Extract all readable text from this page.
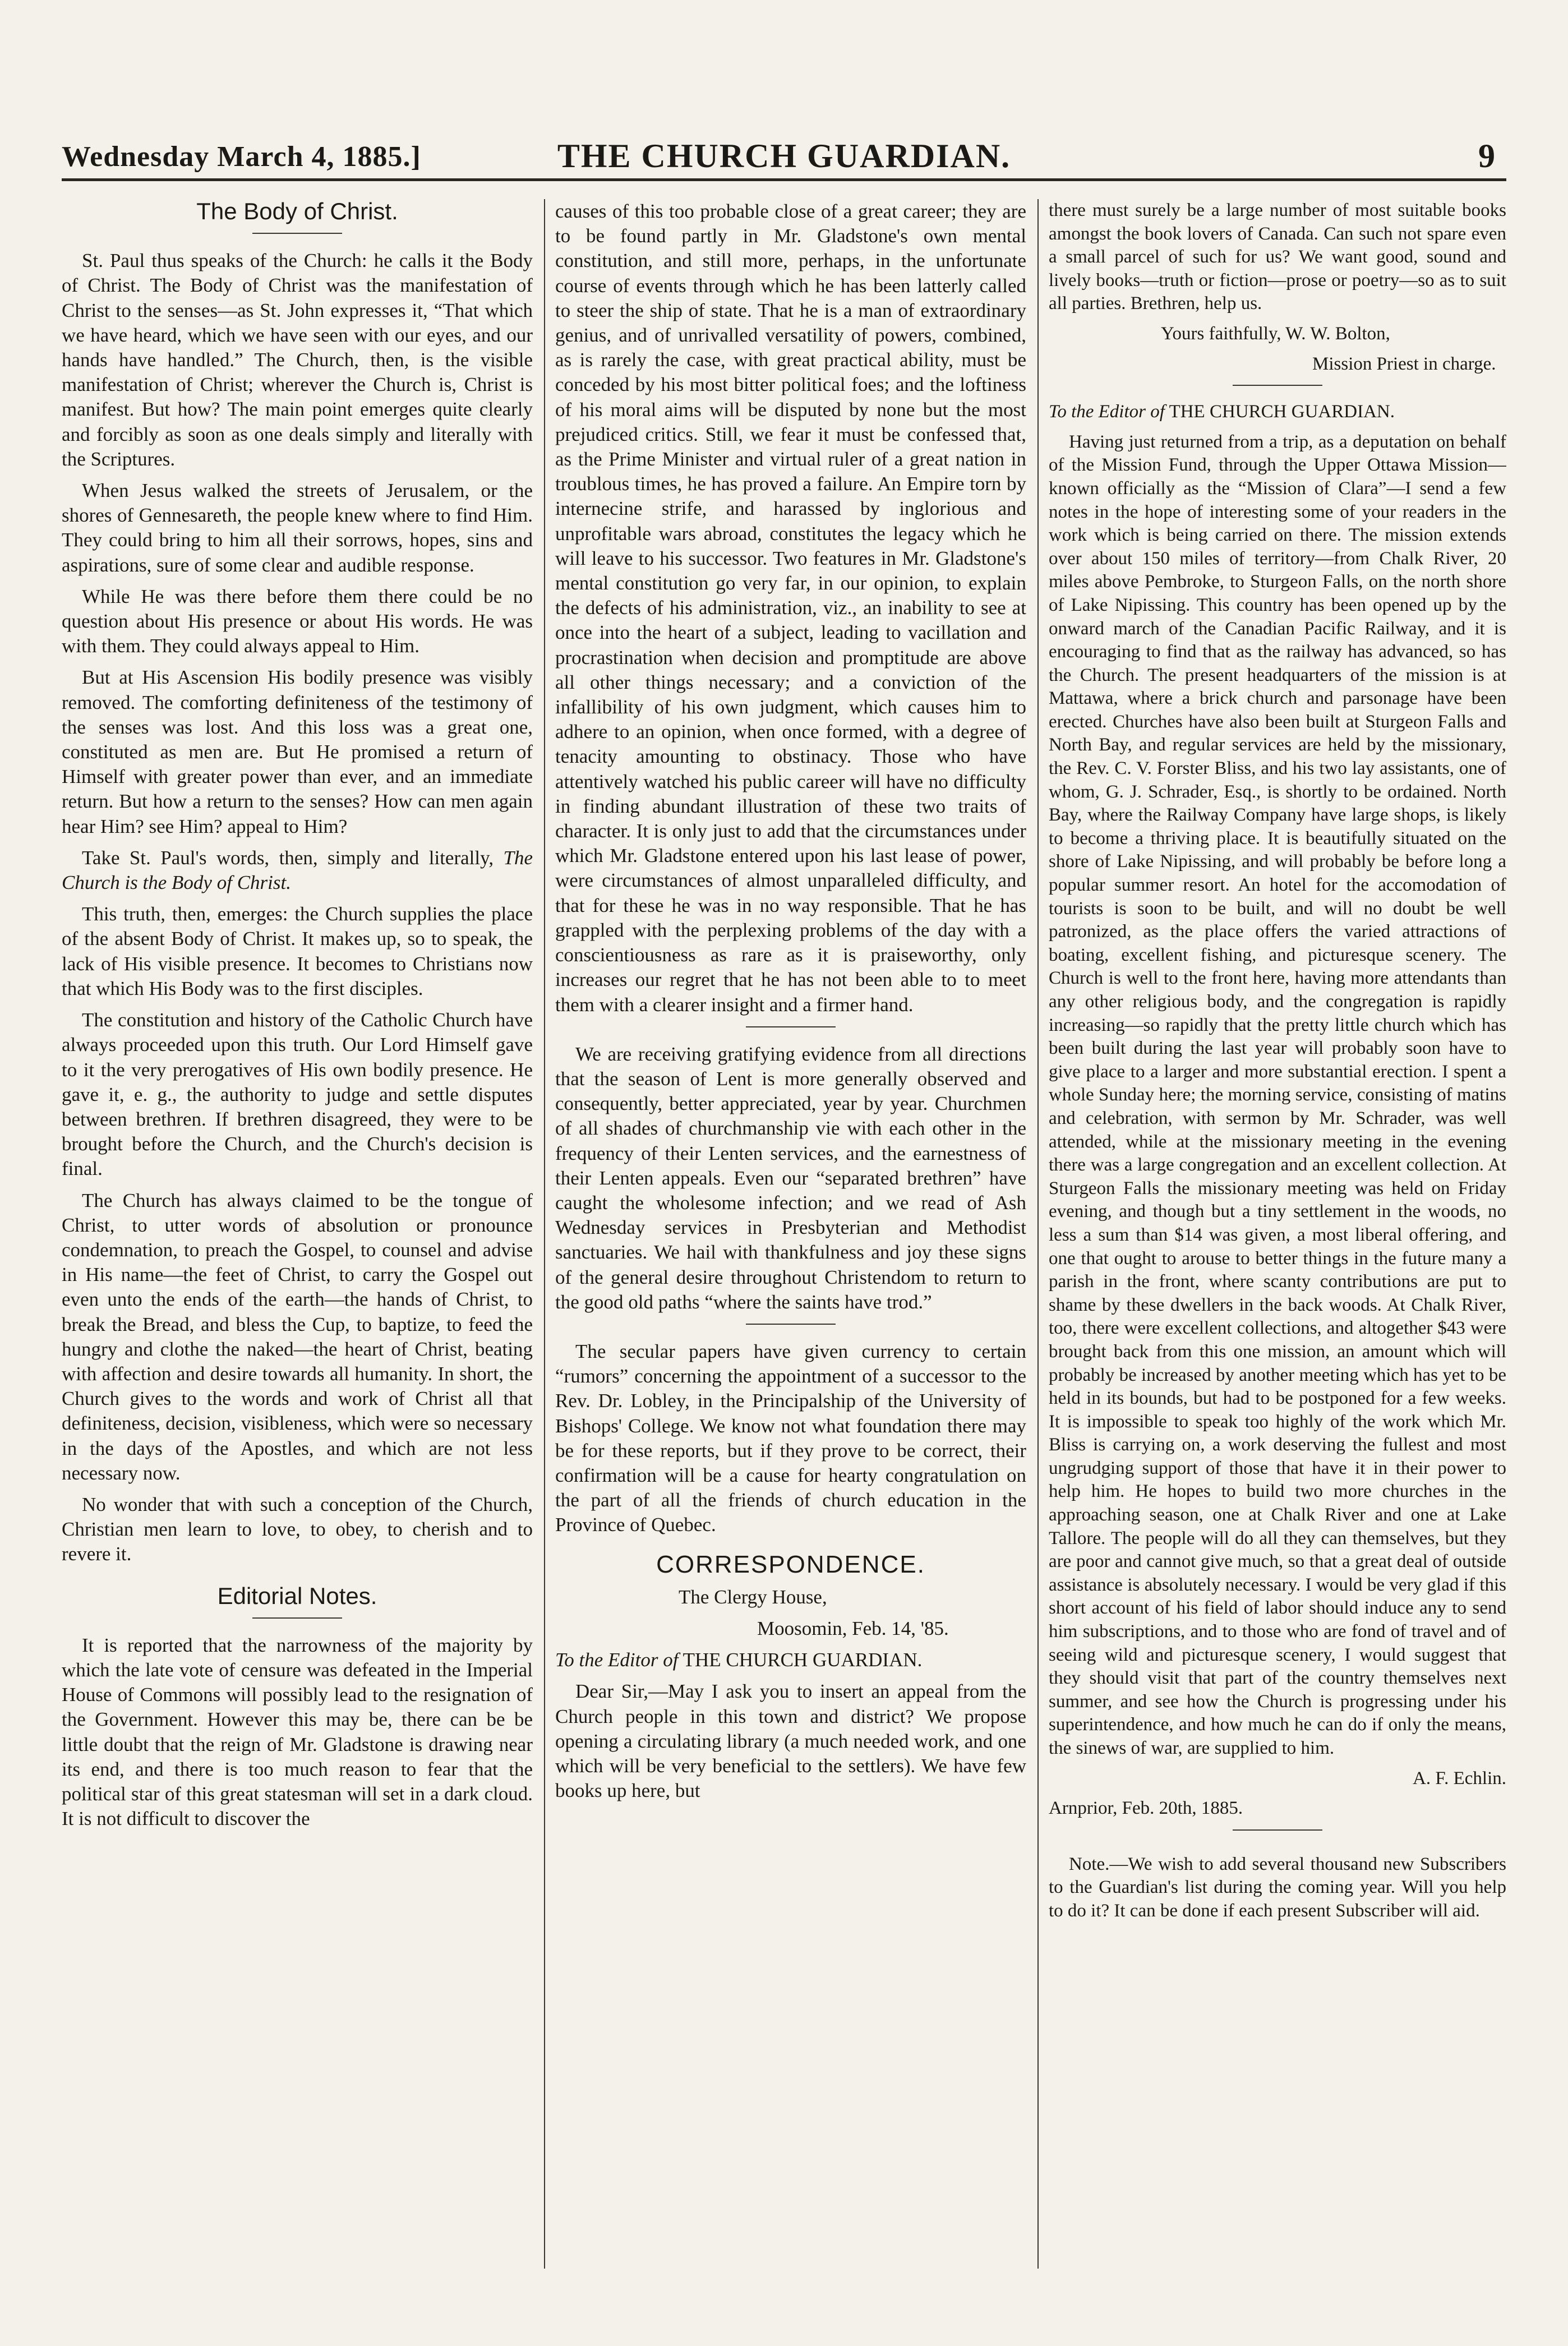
Wednesday March 4, 1885.]	THE CHURCH GUARDIAN.	9
The Body of Christ.

St. Paul thus speaks of the Church: he calls it the Body of Christ. The Body of Christ was the manifestation of Christ to the senses—as St. John expresses it, “That which we have heard, which we have seen with our eyes, and our hands have handled.” The Church, then, is the visible manifestation of Christ; wherever the Church is, Christ is manifest. But how? The main point emerges quite clearly and forcibly as soon as one deals simply and literally with the Scriptures.

When Jesus walked the streets of Jerusalem, or the shores of Gennesareth, the people knew where to find Him. They could bring to him all their sorrows, hopes, sins and aspirations, sure of some clear and audible response.

While He was there before them there could be no question about His presence or about His words. He was with them. They could always appeal to Him.

But at His Ascension His bodily presence was visibly removed. The comforting definiteness of the testimony of the senses was lost. And this loss was a great one, constituted as men are. But He promised a return of Himself with greater power than ever, and an immediate return. But how a return to the senses? How can men again hear Him? see Him? appeal to Him?

Take St. Paul's words, then, simply and literally, The Church is the Body of Christ.

This truth, then, emerges: the Church supplies the place of the absent Body of Christ. It makes up, so to speak, the lack of His visible presence. It becomes to Christians now that which His Body was to the first disciples.

The constitution and history of the Catholic Church have always proceeded upon this truth. Our Lord Himself gave to it the very prerogatives of His own bodily presence. He gave it, e. g., the authority to judge and settle disputes between brethren. If brethren disagreed, they were to be brought before the Church, and the Church's decision is final.

The Church has always claimed to be the tongue of Christ, to utter words of absolution or pronounce condemnation, to preach the Gospel, to counsel and advise in His name—the feet of Christ, to carry the Gospel out even unto the ends of the earth—the hands of Christ, to break the Bread, and bless the Cup, to baptize, to feed the hungry and clothe the naked—the heart of Christ, beating with affection and desire towards all humanity. In short, the Church gives to the words and work of Christ all that definiteness, decision, visibleness, which were so necessary in the days of the Apostles, and which are not less necessary now.

No wonder that with such a conception of the Church, Christian men learn to love, to obey, to cherish and to revere it.

Editorial Notes.

It is reported that the narrowness of the majority by which the late vote of censure was defeated in the Imperial House of Commons will possibly lead to the resignation of the Government. However this may be, there can be be little doubt that the reign of Mr. Gladstone is drawing near its end, and there is too much reason to fear that the political star of this great statesman will set in a dark cloud. It is not difficult to discover the

causes of this too probable close of a great career; they are to be found partly in Mr. Gladstone's own mental constitution, and still more, perhaps, in the unfortunate course of events through which he has been latterly called to steer the ship of state. That he is a man of extraordinary genius, and of unrivalled versatility of powers, combined, as is rarely the case, with great practical ability, must be conceded by his most bitter political foes; and the loftiness of his moral aims will be disputed by none but the most prejudiced critics. Still, we fear it must be confessed that, as the Prime Minister and virtual ruler of a great nation in troublous times, he has proved a failure. An Empire torn by internecine strife, and harassed by inglorious and unprofitable wars abroad, constitutes the legacy which he will leave to his successor. Two features in Mr. Gladstone's mental constitution go very far, in our opinion, to explain the defects of his administration, viz., an inability to see at once into the heart of a subject, leading to vacillation and procrastination when decision and promptitude are above all other things necessary; and a conviction of the infallibility of his own judgment, which causes him to adhere to an opinion, when once formed, with a degree of tenacity amounting to obstinacy. Those who have attentively watched his public career will have no difficulty in finding abundant illustration of these two traits of character. It is only just to add that the circumstances under which Mr. Gladstone entered upon his last lease of power, were circumstances of almost unparalleled difficulty, and that for these he was in no way responsible. That he has grappled with the perplexing problems of the day with a conscientiousness as rare as it is praiseworthy, only increases our regret that he has not been able to to meet them with a clearer insight and a firmer hand.

We are receiving gratifying evidence from all directions that the season of Lent is more generally observed and consequently, better appreciated, year by year. Churchmen of all shades of churchmanship vie with each other in the frequency of their Lenten services, and the earnestness of their Lenten appeals. Even our “separated brethren” have caught the wholesome infection; and we read of Ash Wednesday services in Presbyterian and Methodist sanctuaries. We hail with thankfulness and joy these signs of the general desire throughout Christendom to return to the good old paths “where the saints have trod.”

The secular papers have given currency to certain “rumors” concerning the appointment of a successor to the Rev. Dr. Lobley, in the Principalship of the University of Bishops' College. We know not what foundation there may be for these reports, but if they prove to be correct, their confirmation will be a cause for hearty congratulation on the part of all the friends of church education in the Province of Quebec.

CORRESPONDENCE.

The Clergy House,

Moosomin, Feb. 14, '85.

To the Editor of THE CHURCH GUARDIAN.

Dear Sir,—May I ask you to insert an appeal from the Church people in this town and district? We propose opening a circulating library (a much needed work, and one which will be very beneficial to the settlers). We have few books up here, but

there must surely be a large number of most suitable books amongst the book lovers of Canada. Can such not spare even a small parcel of such for us? We want good, sound and lively books—truth or fiction—prose or poetry—so as to suit all parties. Brethren, help us.

Yours faithfully, W. W. Bolton,

Mission Priest in charge.

To the Editor of THE CHURCH GUARDIAN.

Having just returned from a trip, as a deputation on behalf of the Mission Fund, through the Upper Ottawa Mission—known officially as the “Mission of Clara”—I send a few notes in the hope of interesting some of your readers in the work which is being carried on there. The mission extends over about 150 miles of territory—from Chalk River, 20 miles above Pembroke, to Sturgeon Falls, on the north shore of Lake Nipissing. This country has been opened up by the onward march of the Canadian Pacific Railway, and it is encouraging to find that as the railway has advanced, so has the Church. The present headquarters of the mission is at Mattawa, where a brick church and parsonage have been erected. Churches have also been built at Sturgeon Falls and North Bay, and regular services are held by the missionary, the Rev. C. V. Forster Bliss, and his two lay assistants, one of whom, G. J. Schrader, Esq., is shortly to be ordained. North Bay, where the Railway Company have large shops, is likely to become a thriving place. It is beautifully situated on the shore of Lake Nipissing, and will probably be before long a popular summer resort. An hotel for the accomodation of tourists is soon to be built, and will no doubt be well patronized, as the place offers the varied attractions of boating, excellent fishing, and picturesque scenery. The Church is well to the front here, having more attendants than any other religious body, and the congregation is rapidly increasing—so rapidly that the pretty little church which has been built during the last year will probably soon have to give place to a larger and more substantial erection. I spent a whole Sunday here; the morning service, consisting of matins and celebration, with sermon by Mr. Schrader, was well attended, while at the missionary meeting in the evening there was a large congregation and an excellent collection. At Sturgeon Falls the missionary meeting was held on Friday evening, and though but a tiny settlement in the woods, no less a sum than $14 was given, a most liberal offering, and one that ought to arouse to better things in the future many a parish in the front, where scanty contributions are put to shame by these dwellers in the back woods. At Chalk River, too, there were excellent collections, and altogether $43 were brought back from this one mission, an amount which will probably be increased by another meeting which has yet to be held in its bounds, but had to be postponed for a few weeks. It is impossible to speak too highly of the work which Mr. Bliss is carrying on, a work deserving the fullest and most ungrudging support of those that have it in their power to help him. He hopes to build two more churches in the approaching season, one at Chalk River and one at Lake Tallore. The people will do all they can themselves, but they are poor and cannot give much, so that a great deal of outside assistance is absolutely necessary. I would be very glad if this short account of his field of labor should induce any to send him subscriptions, and to those who are fond of travel and of seeing wild and picturesque scenery, I would suggest that they should visit that part of the country themselves next summer, and see how the Church is progressing under his superintendence, and how much he can do if only the means, the sinews of war, are supplied to him.

A. F. Echlin.

Arnprior, Feb. 20th, 1885.

Note.—We wish to add several thousand new Subscribers to the Guardian's list during the coming year. Will you help to do it? It can be done if each present Subscriber will aid.
